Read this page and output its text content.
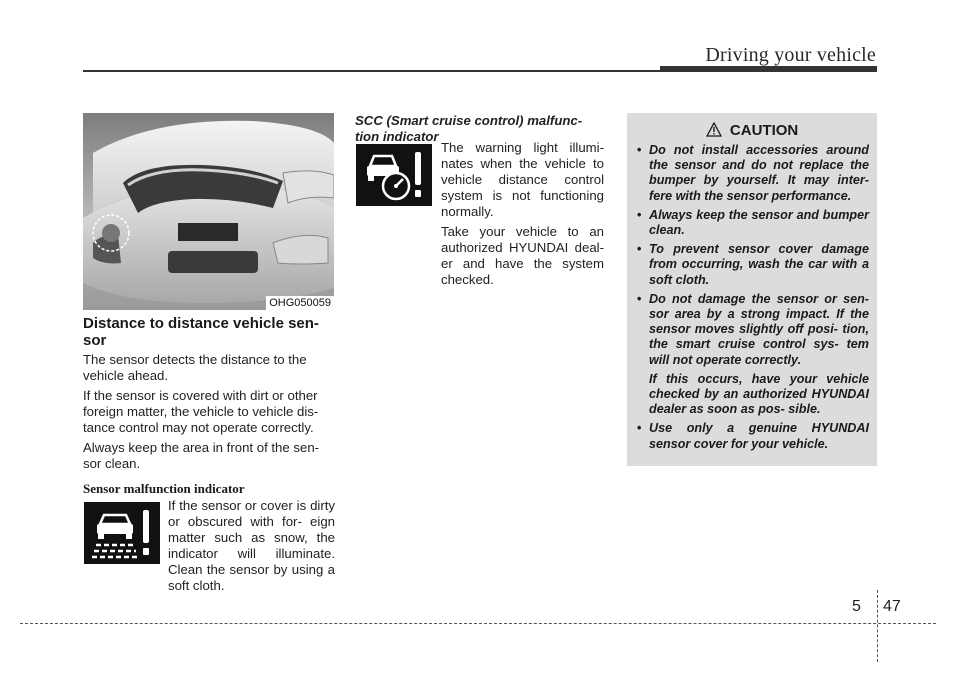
Driving your vehicle
OHG050059
Distance to distance vehicle sen-
sor

The sensor detects the distance to the vehicle ahead.

If the sensor is covered with dirt or other foreign matter, the vehicle to vehicle dis- tance control may not operate correctly.

Always keep the area in front of the sen- sor clean.

Sensor malfunction indicator
If the sensor or cover is dirty or obscured with for- eign matter such as snow, the indicator will illuminate. Clean the sensor by using a soft cloth.
SCC (Smart cruise control) malfunc- tion indicator

The warning light illumi- nates when the vehicle to vehicle distance control system is not functioning normally.

Take your vehicle to an authorized HYUNDAI deal- er and have the system checked.

CAUTION
• Do not install accessories around the sensor and do not replace the bumper by yourself. It may inter- fere with the sensor performance.
• Always keep the sensor and bumper clean.
• To prevent sensor cover damage from occurring, wash the car with a soft cloth.
• Do not damage the sensor or sen- sor area by a strong impact. If the sensor moves slightly off posi- tion, the smart cruise control sys- tem will not operate correctly.
If this occurs, have your vehicle checked by an authorized HYUNDAI dealer as soon as pos- sible.
• Use only a genuine HYUNDAI sensor cover for your vehicle.
5 47
